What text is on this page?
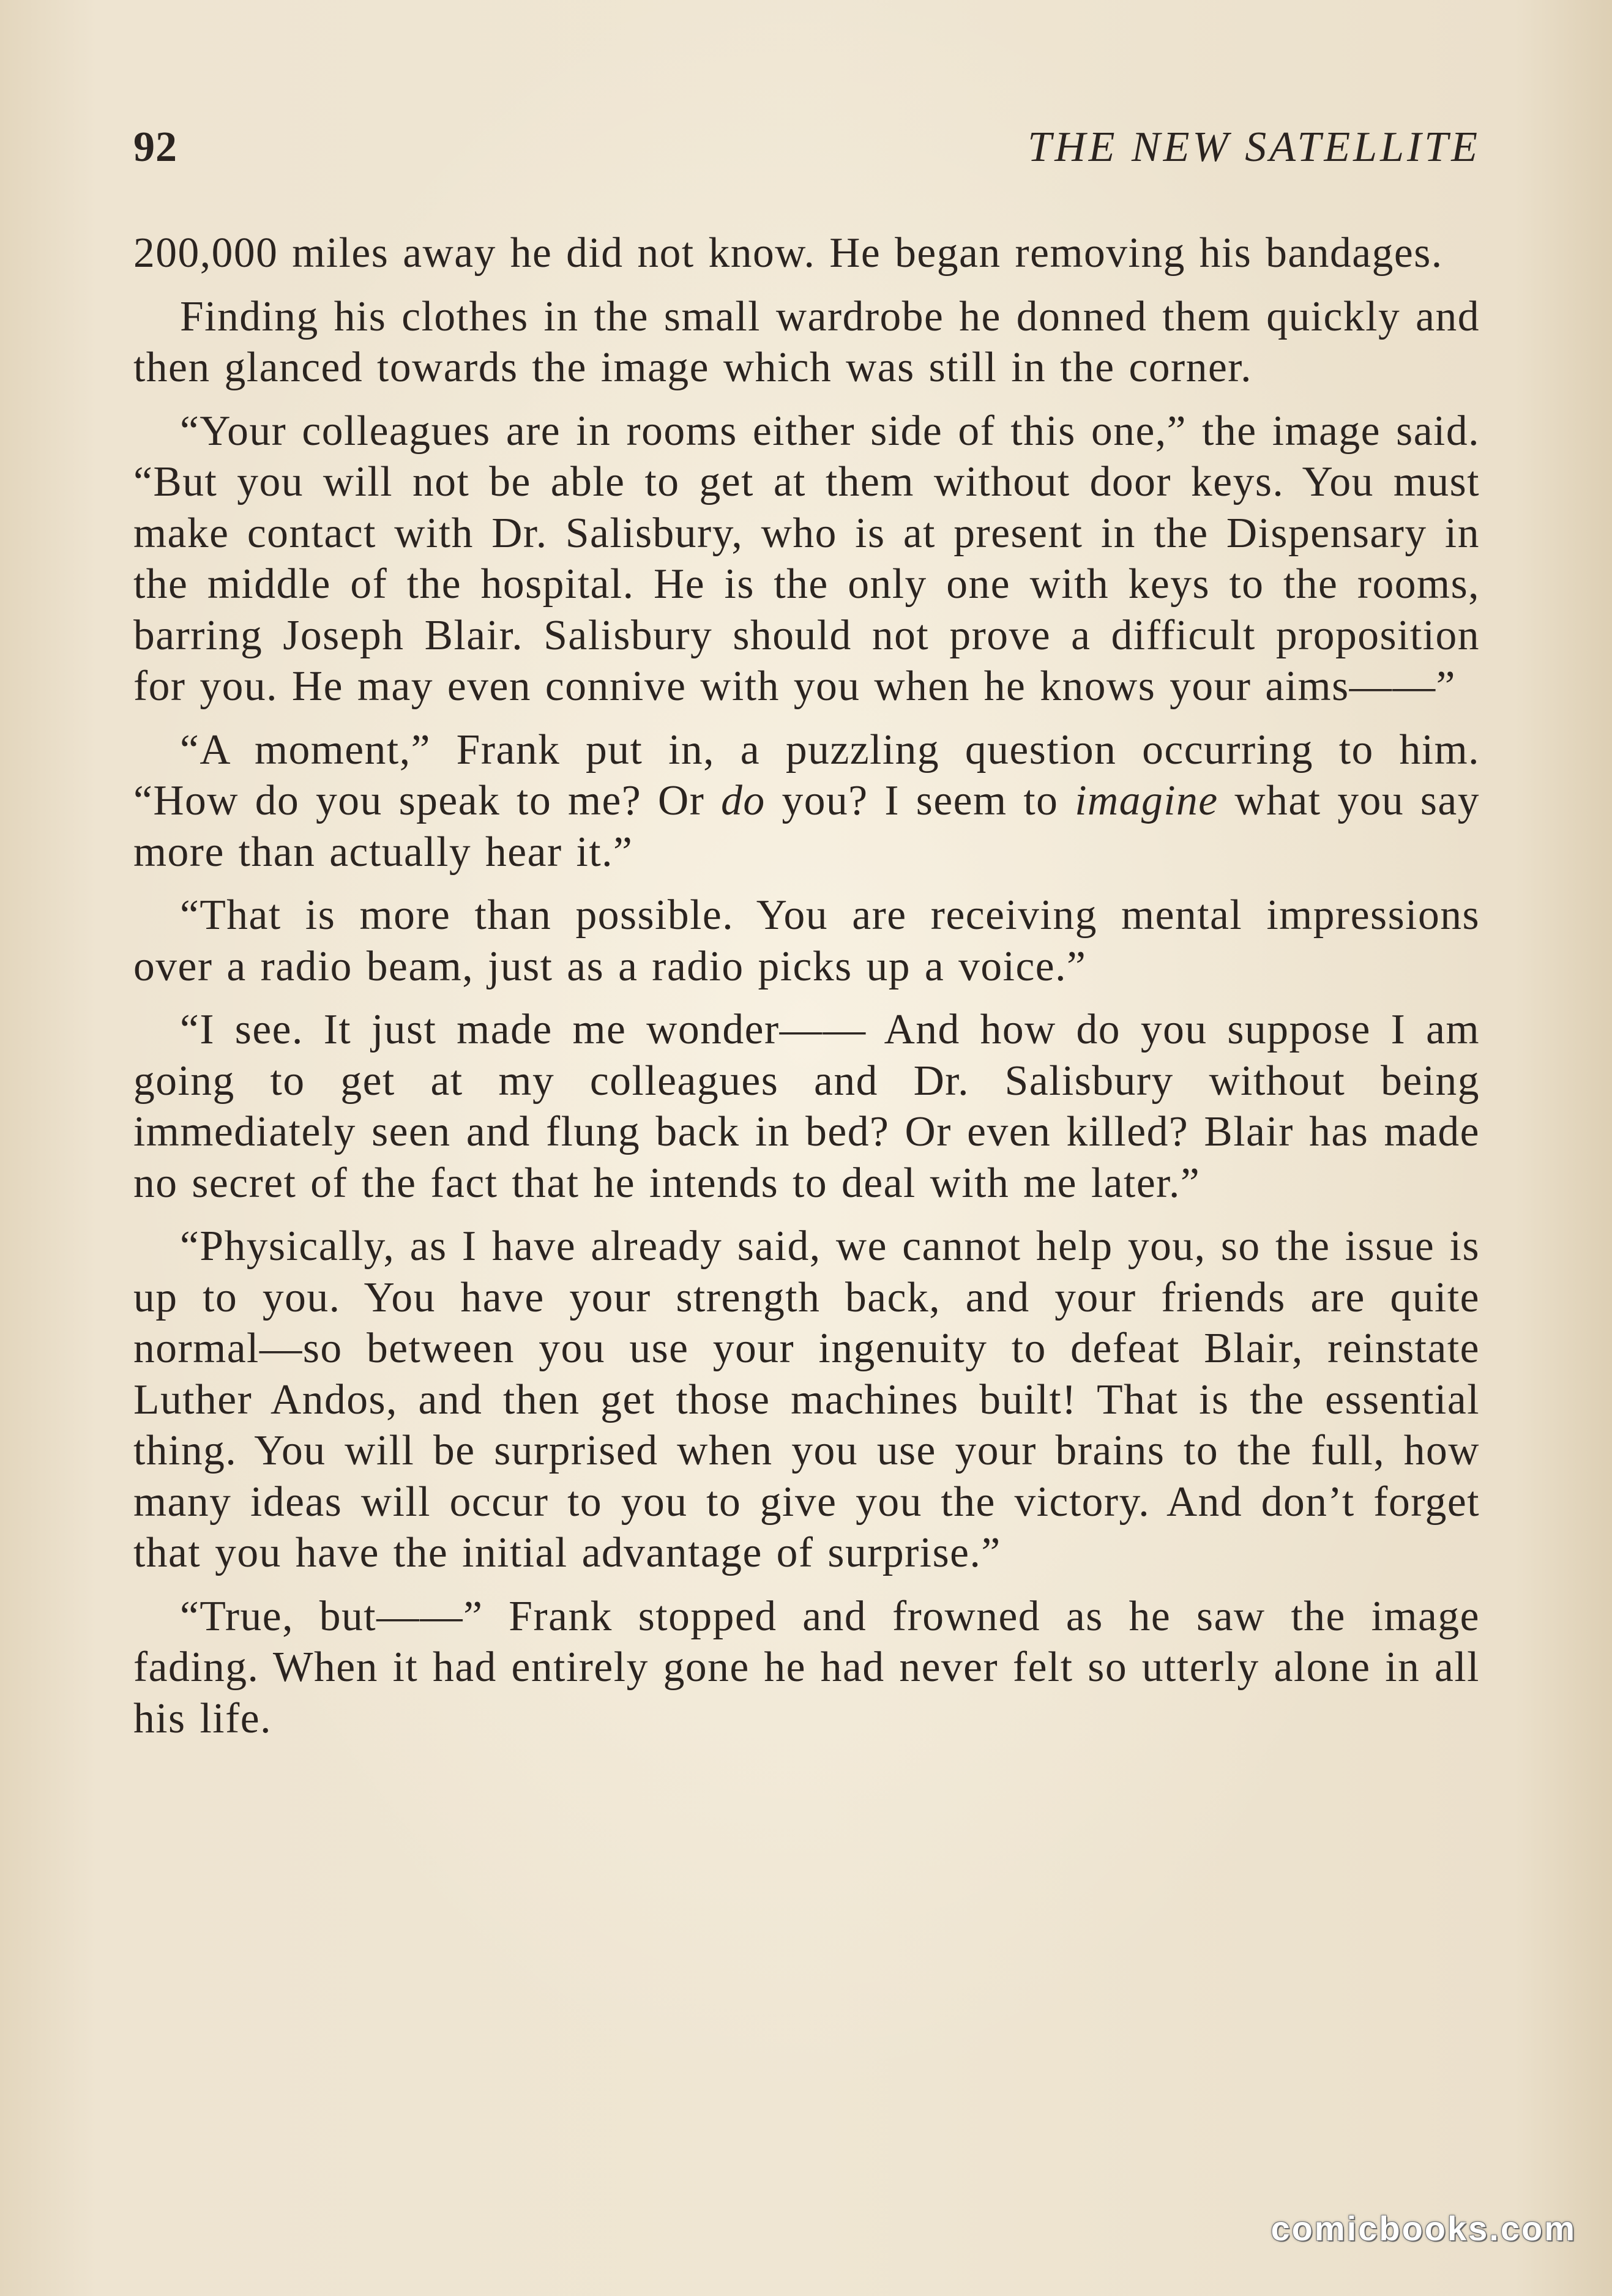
92	THE NEW SATELLITE

200,000 miles away he did not know. He began removing his bandages.

Finding his clothes in the small wardrobe he donned them quickly and then glanced towards the image which was still in the corner.

“Your colleagues are in rooms either side of this one,” the image said. “But you will not be able to get at them without door keys. You must make contact with Dr. Salisbury, who is at present in the Dispensary in the middle of the hospital. He is the only one with keys to the rooms, barring Joseph Blair. Salisbury should not prove a difficult proposition for you. He may even connive with you when he knows your aims——”

“A moment,” Frank put in, a puzzling question occurring to him. “How do you speak to me? Or do you? I seem to imagine what you say more than actually hear it.”

“That is more than possible. You are receiving mental impressions over a radio beam, just as a radio picks up a voice.”

“I see. It just made me wonder—— And how do you suppose I am going to get at my colleagues and Dr. Salisbury without being immediately seen and flung back in bed? Or even killed? Blair has made no secret of the fact that he intends to deal with me later.”

“Physically, as I have already said, we cannot help you, so the issue is up to you. You have your strength back, and your friends are quite normal—so between you use your ingenuity to defeat Blair, reinstate Luther Andos, and then get those machines built! That is the essential thing. You will be surprised when you use your brains to the full, how many ideas will occur to you to give you the victory. And don’t forget that you have the initial advantage of surprise.”

“True, but——” Frank stopped and frowned as he saw the image fading. When it had entirely gone he had never felt so utterly alone in all his life.

comicbooks.com
